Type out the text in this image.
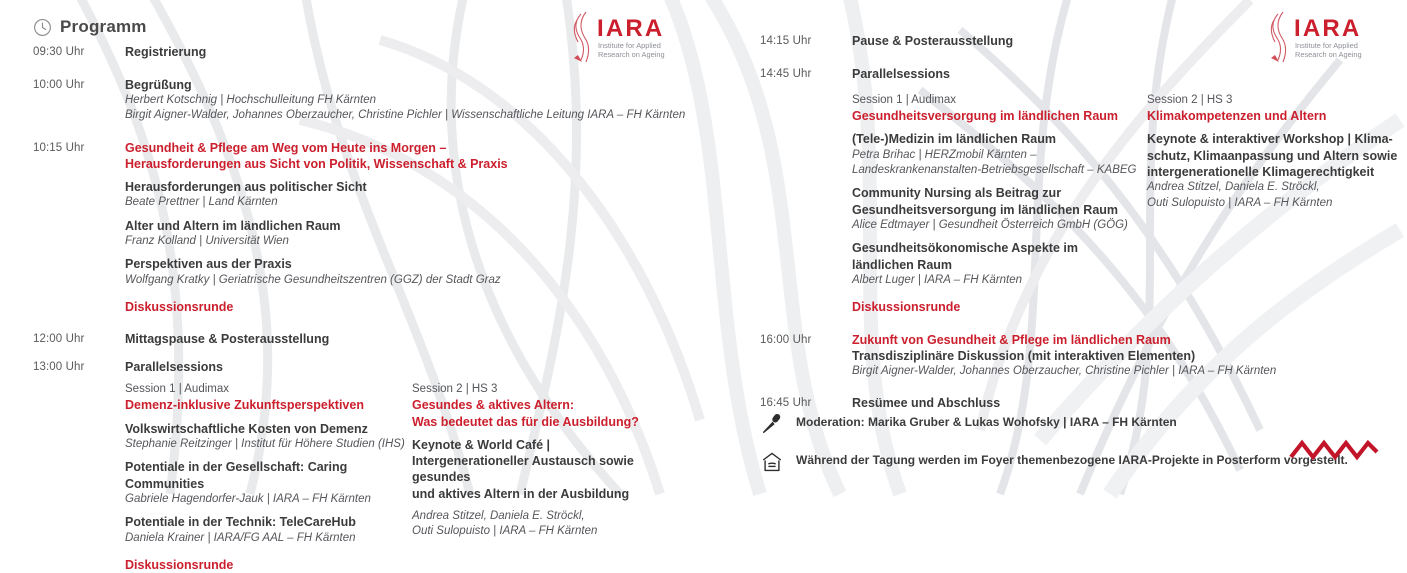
IARA
Institute for Applied
Research on Ageing
IARA
Institute for Applied
Research on Ageing
Programm
09:30 Uhr	Registrierung
10:00 Uhr	Begrüßung
Herbert Kotschnig | Hochschulleitung FH Kärnten
Birgit Aigner-Walder, Johannes Oberzaucher, Christine Pichler | Wissenschaftliche Leitung IARA – FH Kärnten
10:15 Uhr	Gesundheit & Pflege am Weg vom Heute ins Morgen –
Herausforderungen aus Sicht von Politik, Wissenschaft & Praxis
Herausforderungen aus politischer Sicht
Beate Prettner | Land Kärnten
Alter und Altern im ländlichen Raum
Franz Kolland | Universität Wien
Perspektiven aus der Praxis
Wolfgang Kratky | Geriatrische Gesundheitszentren (GGZ) der Stadt Graz
Diskussionsrunde
12:00 Uhr	Mittagspause & Posterausstellung
13:00 Uhr	Parallelsessions
Session 1 | Audimax
Demenz-inklusive Zukunftsperspektiven
Volkswirtschaftliche Kosten von Demenz
Stephanie Reitzinger | Institut für Höhere Studien (IHS)
Potentiale in der Gesellschaft: Caring Communities
Gabriele Hagendorfer-Jauk | IARA – FH Kärnten
Potentiale in der Technik: TeleCareHub
Daniela Krainer | IARA/FG AAL – FH Kärnten
Diskussionsrunde
Session 2 | HS 3
Gesundes & aktives Altern:
Was bedeutet das für die Ausbildung?
Keynote & World Café |
Intergenerationeller Austausch sowie gesundes
und aktives Altern in der Ausbildung
Andrea Stitzel, Daniela E. Ströckl,
Outi Sulopuisto | IARA – FH Kärnten
14:15 Uhr	Pause & Posterausstellung
14:45 Uhr	Parallelsessions
Session 1 | Audimax
Gesundheitsversorgung im ländlichen Raum
(Tele-)Medizin im ländlichen Raum
Petra Brihac | HERZmobil Kärnten –
Landeskrankenanstalten-Betriebsgesellschaft – KABEG
Community Nursing als Beitrag zur
Gesundheitsversorgung im ländlichen Raum
Alice Edtmayer | Gesundheit Österreich GmbH (GÖG)
Gesundheitsökonomische Aspekte im
ländlichen Raum
Albert Luger | IARA – FH Kärnten
Diskussionsrunde
Session 2 | HS 3
Klimakompetenzen und Altern
Keynote & interaktiver Workshop | Klima-
schutz, Klimaanpassung und Altern sowie
intergenerationelle Klimagerechtigkeit
Andrea Stitzel, Daniela E. Ströckl,
Outi Sulopuisto | IARA – FH Kärnten
16:00 Uhr	Zukunft von Gesundheit & Pflege im ländlichen Raum
Transdisziplinäre Diskussion (mit interaktiven Elementen)
Birgit Aigner-Walder, Johannes Oberzaucher, Christine Pichler | IARA – FH Kärnten
16:45 Uhr	Resümee und Abschluss
Moderation: Marika Gruber & Lukas Wohofsky | IARA – FH Kärnten
Während der Tagung werden im Foyer themenbezogene IARA-Projekte in Posterform vorgestellt.
